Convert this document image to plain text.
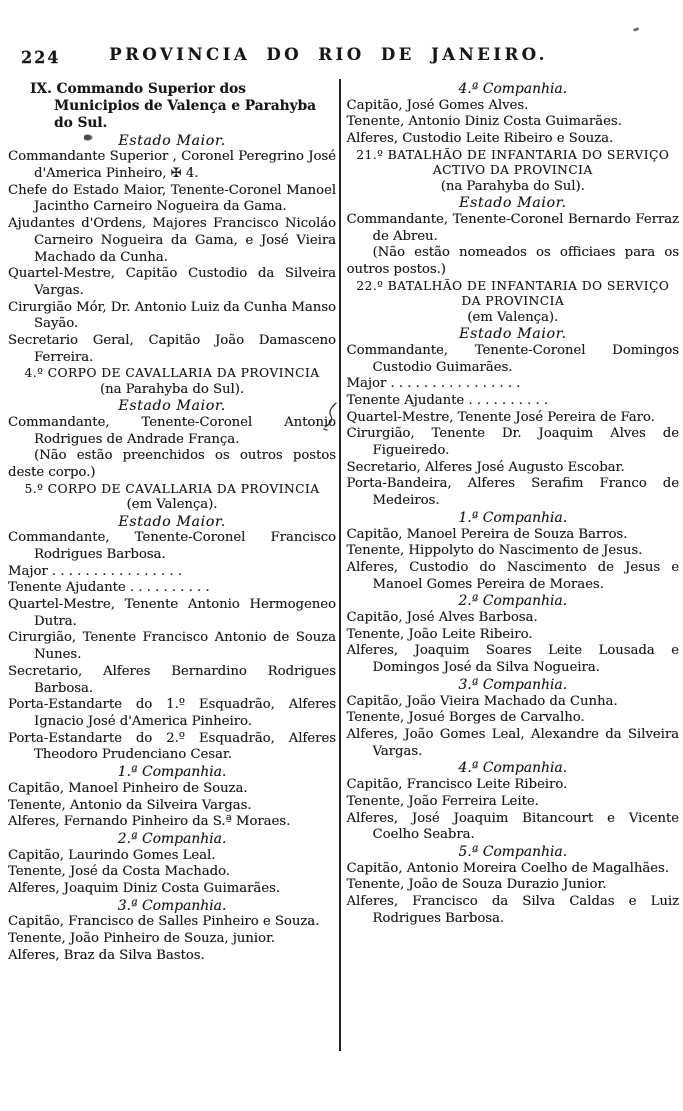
224	PROVINCIA DO RIO DE JANEIRO.

IX. Commando Superior dos Municipios de Valença e Parahyba do Sul.

Estado Maior.

Commandante Superior , Coronel Peregrino José d'America Pinheiro, ✠ 4.

Chefe do Estado Maior, Tenente-Coronel Manoel Jacintho Carneiro Nogueira da Gama.

Ajudantes d'Ordens, Majores Francisco Nicoláo Carneiro Nogueira da Gama, e José Vieira Machado da Cunha.

Quartel-Mestre, Capitão Custodio da Silveira Vargas.

Cirurgião Mór, Dr. Antonio Luiz da Cunha Manso Sayão.

Secretario Geral, Capitão João Damasceno Ferreira.

4.º CORPO DE CAVALLARIA DA PROVINCIA
(na Parahyba do Sul).

Estado Maior.

Commandante, Tenente-Coronel Antonio Rodrigues de Andrade França.

(Não estão preenchidos os outros postos deste corpo.)

5.º CORPO DE CAVALLARIA DA PROVINCIA
(em Valença).

Estado Maior.

Commandante, Tenente-Coronel Francisco Rodrigues Barbosa.

Major . . . . . . . . . . . . . . . .

Tenente Ajudante . . . . . . . . . .

Quartel-Mestre, Tenente Antonio Hermogeneo Dutra.

Cirurgião, Tenente Francisco Antonio de Souza Nunes.

Secretario, Alferes Bernardino Rodrigues Barbosa.

Porta-Estandarte do 1.º Esquadrão, Alferes Ignacio José d'America Pinheiro.

Porta-Estandarte do 2.º Esquadrão, Alferes Theodoro Prudenciano Cesar.

1.ª Companhia.

Capitão, Manoel Pinheiro de Souza.

Tenente, Antonio da Silveira Vargas.

Alferes, Fernando Pinheiro da S.ª Moraes.

2.ª Companhia.

Capitão, Laurindo Gomes Leal.

Tenente, José da Costa Machado.

Alferes, Joaquim Diniz Costa Guimarães.

3.ª Companhia.

Capitão, Francisco de Salles Pinheiro e Souza.

Tenente, João Pinheiro de Souza, junior.

Alferes, Braz da Silva Bastos.

4.ª Companhia.

Capitão, José Gomes Alves.

Tenente, Antonio Diniz Costa Guimarães.

Alferes, Custodio Leite Ribeiro e Souza.

21.º BATALHÃO DE INFANTARIA DO SERVIÇO ACTIVO DA PROVINCIA
(na Parahyba do Sul).

Estado Maior.

Commandante, Tenente-Coronel Bernardo Ferraz de Abreu.

(Não estão nomeados os officiaes para os outros postos.)

22.º BATALHÃO DE INFANTARIA DO SERVIÇO DA PROVINCIA
(em Valença).

Estado Maior.

Commandante, Tenente-Coronel Domingos Custodio Guimarães.

Major . . . . . . . . . . . . . . . .

Tenente Ajudante . . . . . . . . . .

Quartel-Mestre, Tenente José Pereira de Faro.

Cirurgião, Tenente Dr. Joaquim Alves de Figueiredo.

Secretario, Alferes José Augusto Escobar.

Porta-Bandeira, Alferes Serafim Franco de Medeiros.

1.ª Companhia.

Capitão, Manoel Pereira de Souza Barros.

Tenente, Hippolyto do Nascimento de Jesus.

Alferes, Custodio do Nascimento de Jesus e Manoel Gomes Pereira de Moraes.

2.ª Companhia.

Capitão, José Alves Barbosa.

Tenente, João Leite Ribeiro.

Alferes, Joaquim Soares Leite Lousada e Domingos José da Silva Nogueira.

3.ª Companhia.

Capitão, João Vieira Machado da Cunha.

Tenente, Josué Borges de Carvalho.

Alferes, João Gomes Leal, Alexandre da Silveira Vargas.

4.ª Companhia.

Capitão, Francisco Leite Ribeiro.

Tenente, João Ferreira Leite.

Alferes, José Joaquim Bitancourt e Vicente Coelho Seabra.

5.ª Companhia.

Capitão, Antonio Moreira Coelho de Magalhães.

Tenente, João de Souza Durazio Junior.

Alferes, Francisco da Silva Caldas e Luiz Rodrigues Barbosa.
